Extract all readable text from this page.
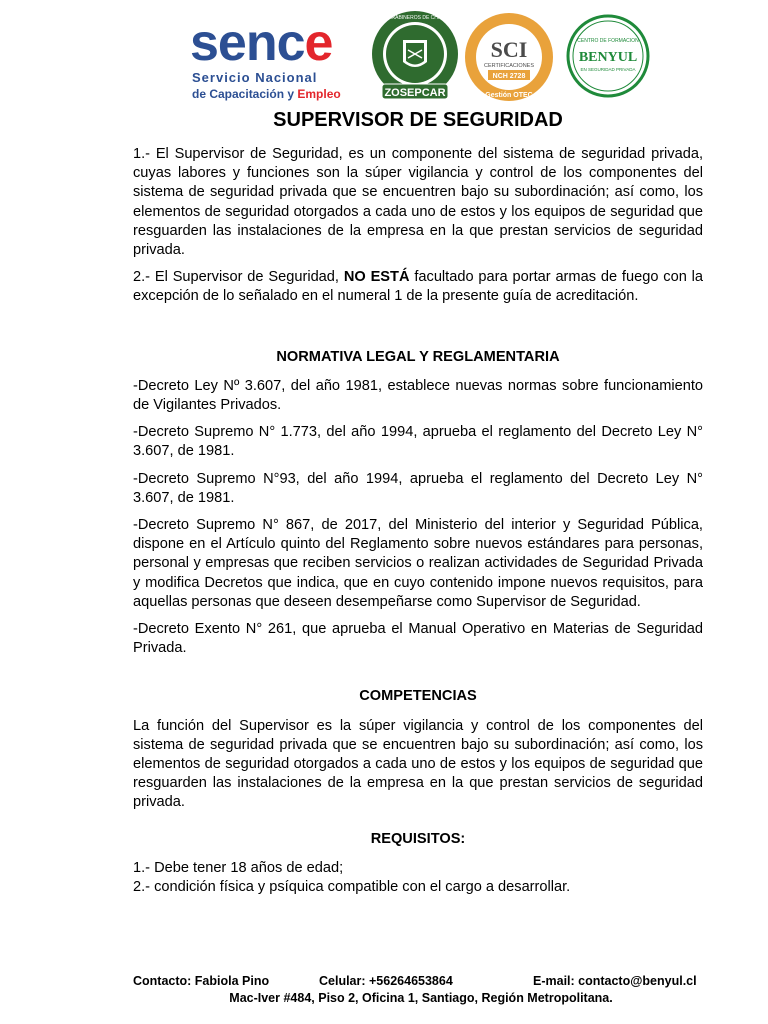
sence
Servicio Nacional
de Capacitación y Empleo
CARABINEROS DE CHILE
ZOSEPCAR
SCI
CERTIFICACIONES
NCH 2728
Gestión OTEC
CENTRO DE FORMACION
BENYUL
EN SEGURIDAD PRIVADA
SUPERVISOR DE SEGURIDAD

1.- El Supervisor de Seguridad, es un componente del sistema de seguridad privada, cuyas labores y funciones son la súper vigilancia y control de los componentes del sistema de seguridad privada que se encuentren bajo su subordinación; así como, los elementos de seguridad otorgados a cada uno de estos y los equipos de seguridad que resguarden las instalaciones de la empresa en la que prestan servicios de seguridad privada.

2.- El Supervisor de Seguridad, NO ESTÁ facultado para portar armas de fuego con la excepción de lo señalado en el numeral 1 de la presente guía de acreditación.

NORMATIVA LEGAL Y REGLAMENTARIA

-Decreto Ley Nº 3.607, del año 1981, establece nuevas normas sobre funcionamiento de Vigilantes Privados.

-Decreto Supremo N° 1.773, del año 1994, aprueba el reglamento del Decreto Ley N° 3.607, de 1981.

-Decreto Supremo N°93, del año 1994, aprueba el reglamento del Decreto Ley N° 3.607, de 1981.

-Decreto Supremo N° 867, de 2017, del Ministerio del interior y Seguridad Pública, dispone en el Artículo quinto del Reglamento sobre nuevos estándares para personas, personal y empresas que reciben servicios o realizan actividades de Seguridad Privada y modifica Decretos que indica, que en cuyo contenido impone nuevos requisitos, para aquellas personas que deseen desempeñarse como Supervisor de Seguridad.

-Decreto Exento N° 261, que aprueba el Manual Operativo en Materias de Seguridad Privada.

COMPETENCIAS

La función del Supervisor es la súper vigilancia y control de los componentes del sistema de seguridad privada que se encuentren bajo su subordinación; así como, los elementos de seguridad otorgados a cada uno de estos y los equipos de seguridad que resguarden las instalaciones de la empresa en la que prestan servicios de seguridad privada.

REQUISITOS:

1.- Debe tener 18 años de edad;

2.- condición física y psíquica compatible con el cargo a desarrollar.

Contacto: Fabiola Pino	Celular: +56264653864	E-mail: contacto@benyul.cl
Mac-Iver #484, Piso 2, Oficina 1, Santiago, Región Metropolitana.
